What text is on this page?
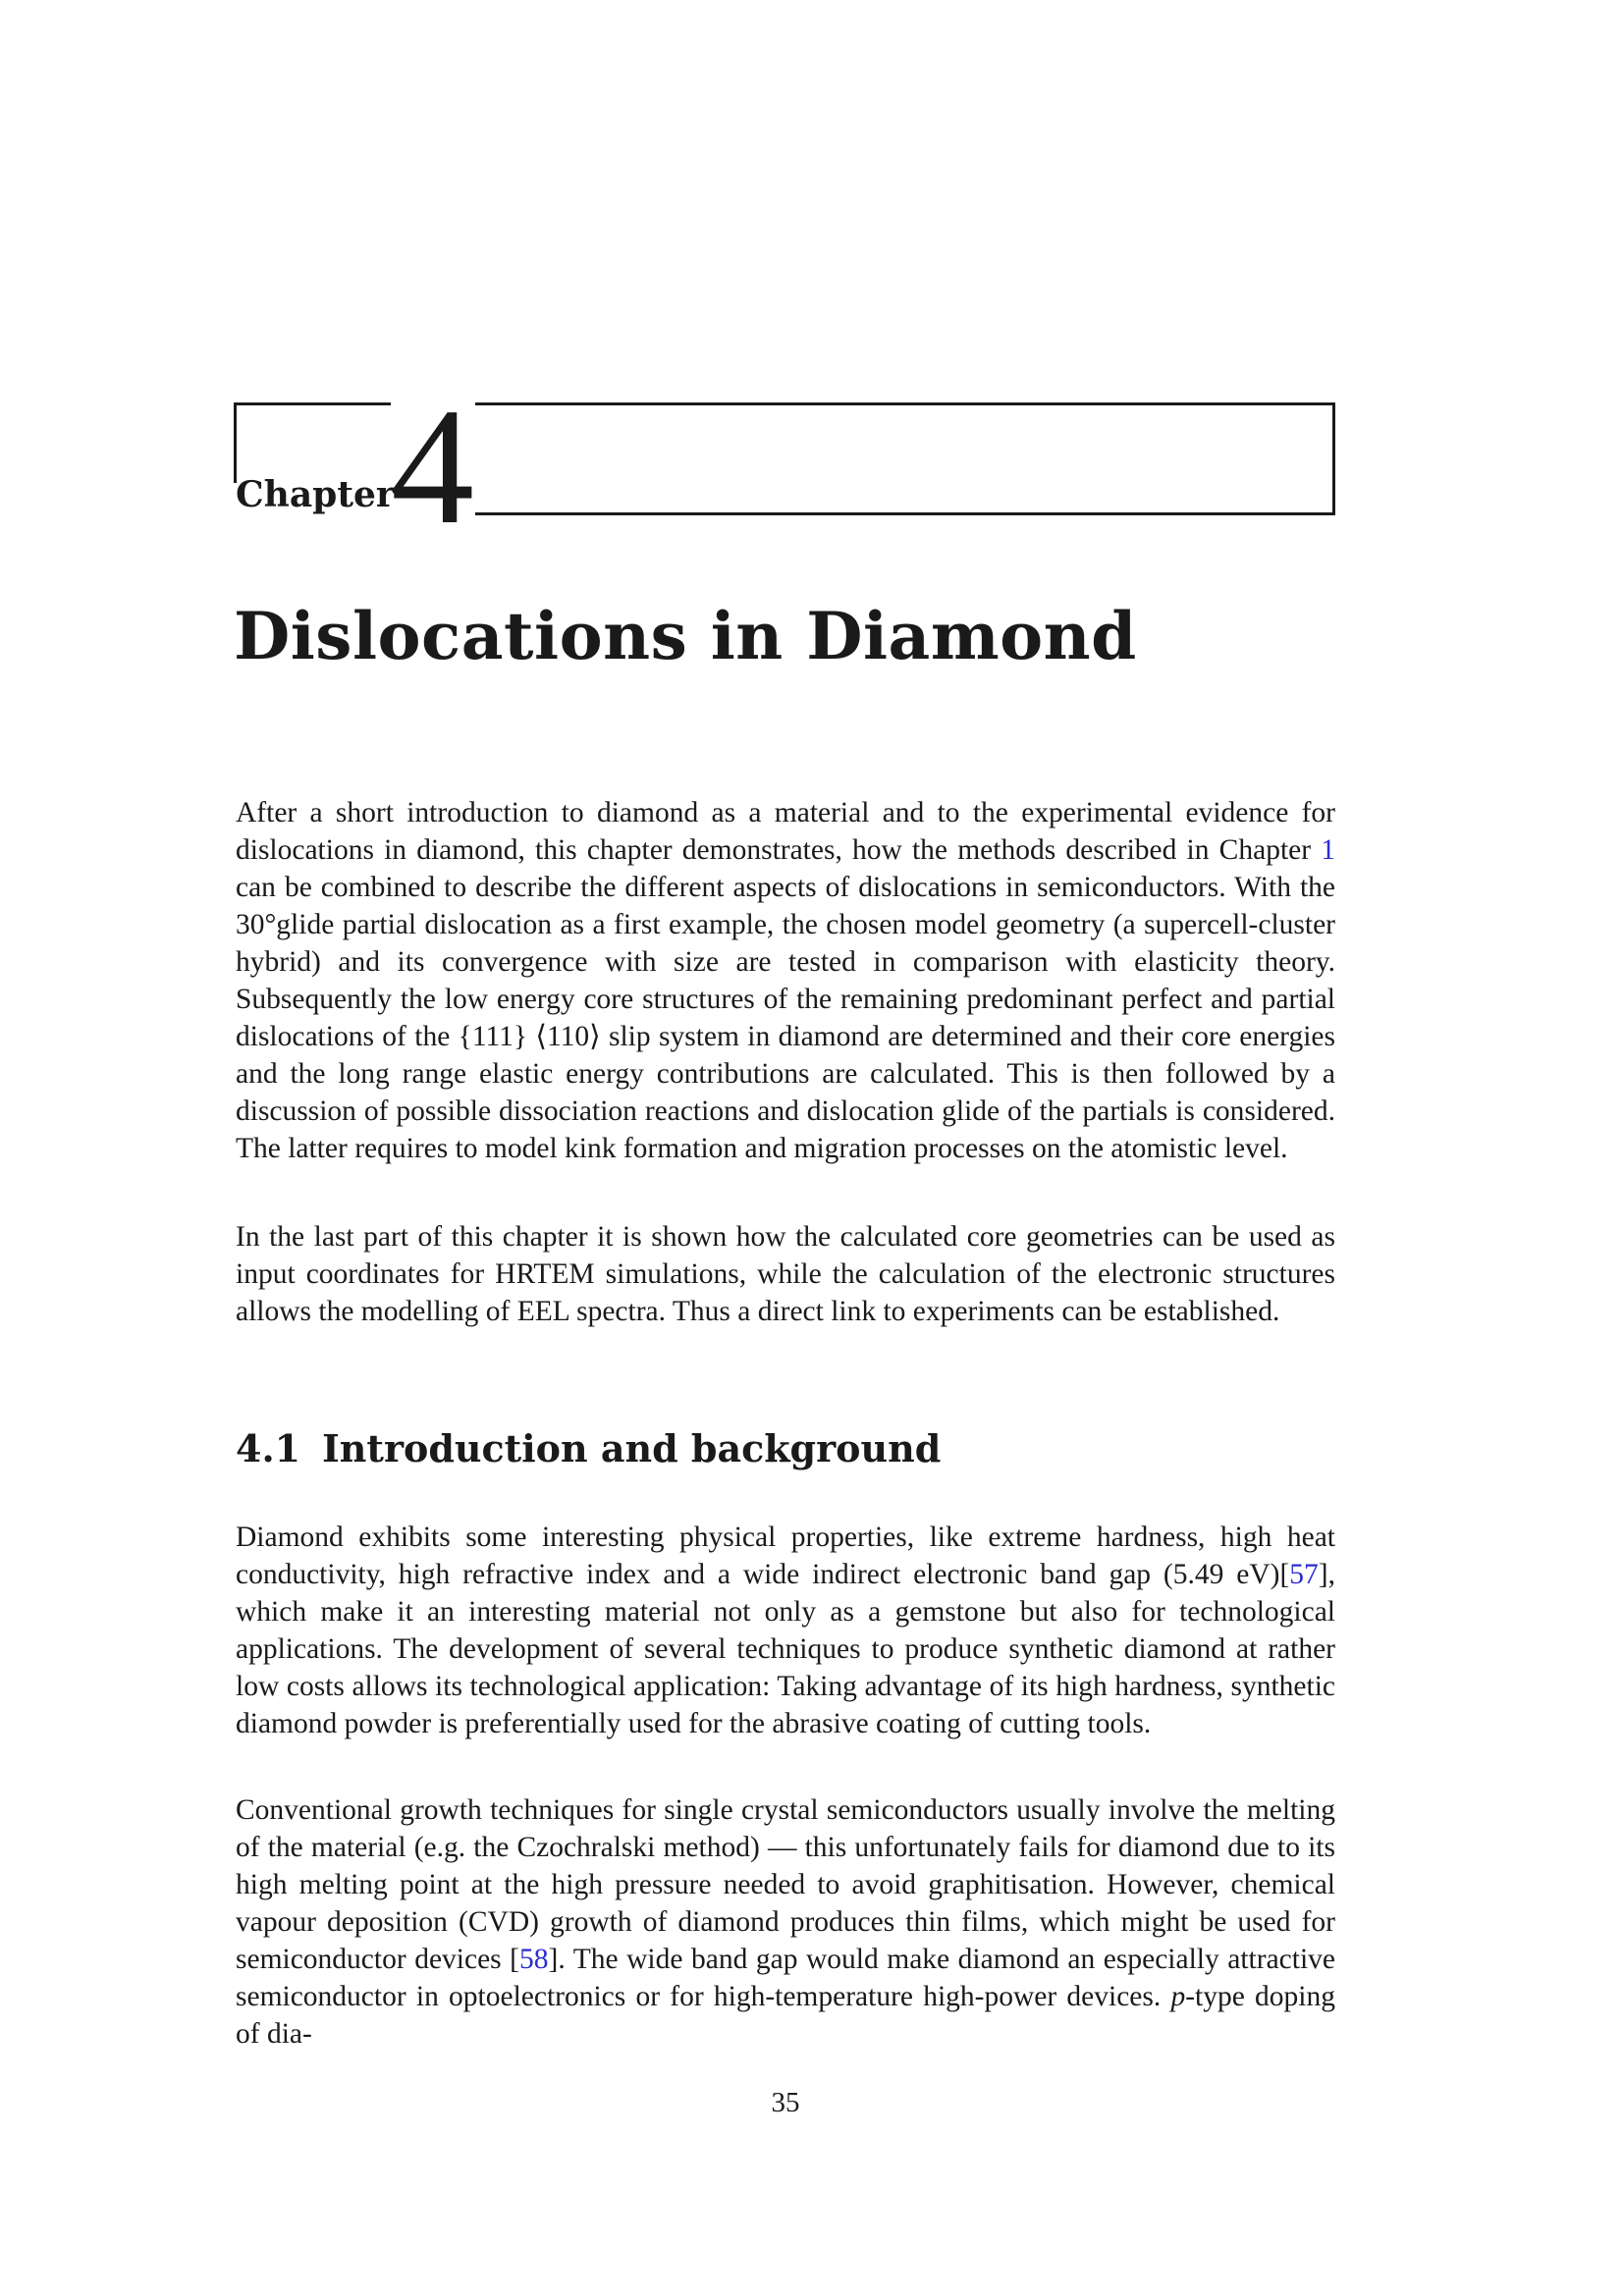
Chapter
4
Dislocations in Diamond

After a short introduction to diamond as a material and to the experimental evidence for dislocations in diamond, this chapter demonstrates, how the methods described in Chapter 1 can be combined to describe the different aspects of dislocations in semiconductors. With the 30°glide partial dislocation as a first example, the chosen model geometry (a supercell-cluster hybrid) and its convergence with size are tested in comparison with elasticity theory. Subsequently the low energy core structures of the remaining predominant perfect and partial dislocations of the {111} ⟨110⟩ slip system in diamond are determined and their core energies and the long range elastic energy contributions are calculated. This is then followed by a discussion of possible dissociation reactions and dislocation glide of the partials is considered. The latter requires to model kink formation and migration processes on the atomistic level.

In the last part of this chapter it is shown how the calculated core geometries can be used as input coordinates for HRTEM simulations, while the calculation of the electronic structures allows the modelling of EEL spectra. Thus a direct link to experiments can be established.

4.1 Introduction and background

Diamond exhibits some interesting physical properties, like extreme hardness, high heat conductivity, high refractive index and a wide indirect electronic band gap (5.49 eV)[57], which make it an interesting material not only as a gemstone but also for technological applications. The development of several techniques to produce synthetic diamond at rather low costs allows its technological application: Taking advantage of its high hardness, synthetic diamond powder is preferentially used for the abrasive coating of cutting tools.

Conventional growth techniques for single crystal semiconductors usually involve the melting of the material (e.g. the Czochralski method) — this unfortunately fails for diamond due to its high melting point at the high pressure needed to avoid graphitisation. However, chemical vapour deposition (CVD) growth of diamond produces thin films, which might be used for semiconductor devices [58]. The wide band gap would make diamond an especially attractive semiconductor in optoelectronics or for high-temperature high-power devices. p-type doping of dia-

35
